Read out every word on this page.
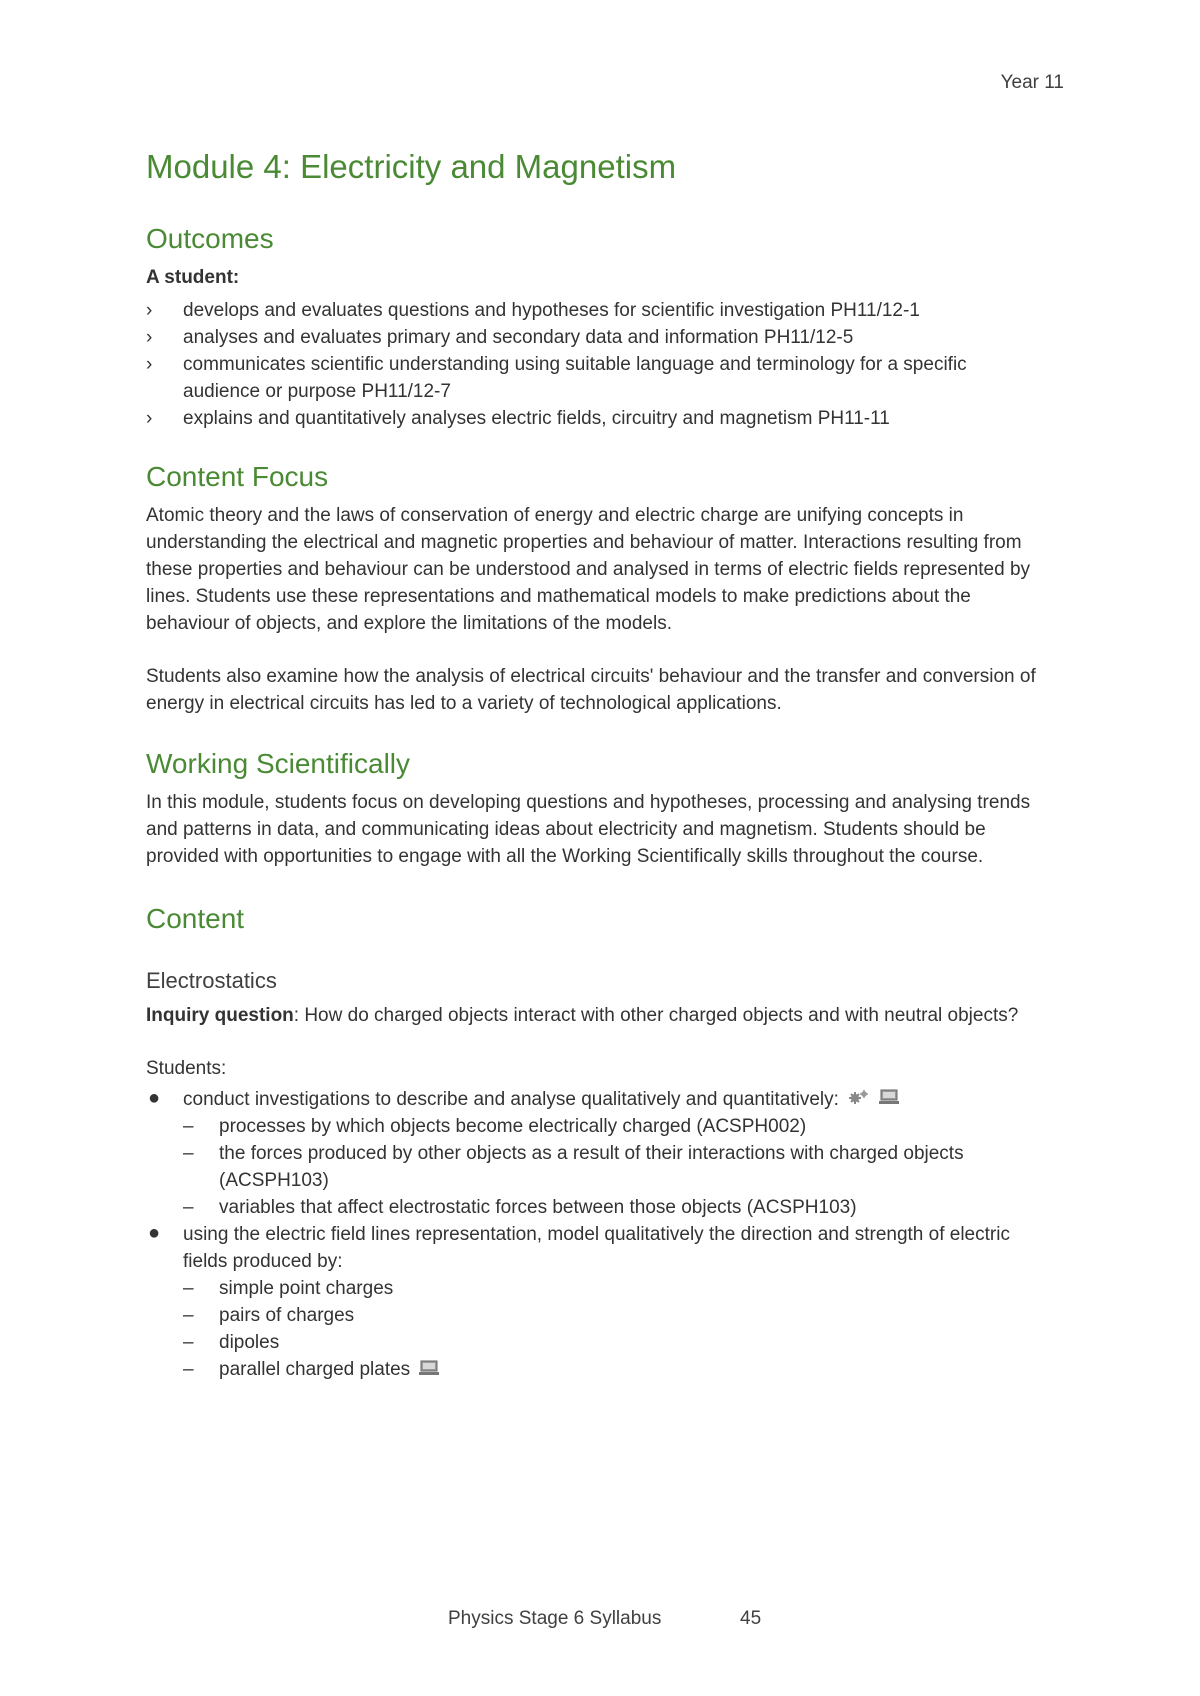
Year 11
Module 4: Electricity and Magnetism
Outcomes

A student:

› develops and evaluates questions and hypotheses for scientific investigation PH11/12-1
› analyses and evaluates primary and secondary data and information PH11/12-5
› communicates scientific understanding using suitable language and terminology for a specific audience or purpose PH11/12-7
› explains and quantitatively analyses electric fields, circuitry and magnetism PH11-11
Content Focus

Atomic theory and the laws of conservation of energy and electric charge are unifying concepts in understanding the electrical and magnetic properties and behaviour of matter. Interactions resulting from these properties and behaviour can be understood and analysed in terms of electric fields represented by lines. Students use these representations and mathematical models to make predictions about the behaviour of objects, and explore the limitations of the models.

Students also examine how the analysis of electrical circuits' behaviour and the transfer and conversion of energy in electrical circuits has led to a variety of technological applications.

Working Scientifically

In this module, students focus on developing questions and hypotheses, processing and analysing trends and patterns in data, and communicating ideas about electricity and magnetism. Students should be provided with opportunities to engage with all the Working Scientifically skills throughout the course.

Content
Electrostatics

Inquiry question: How do charged objects interact with other charged objects and with neutral objects?

Students:

● conduct investigations to describe and analyse qualitatively and quantitatively:
– processes by which objects become electrically charged (ACSPH002)
– the forces produced by other objects as a result of their interactions with charged objects (ACSPH103)
– variables that affect electrostatic forces between those objects (ACSPH103)
● using the electric field lines representation, model qualitatively the direction and strength of electric fields produced by:
– simple point charges
– pairs of charges
– dipoles
– parallel charged plates
Physics Stage 6 Syllabus	45
